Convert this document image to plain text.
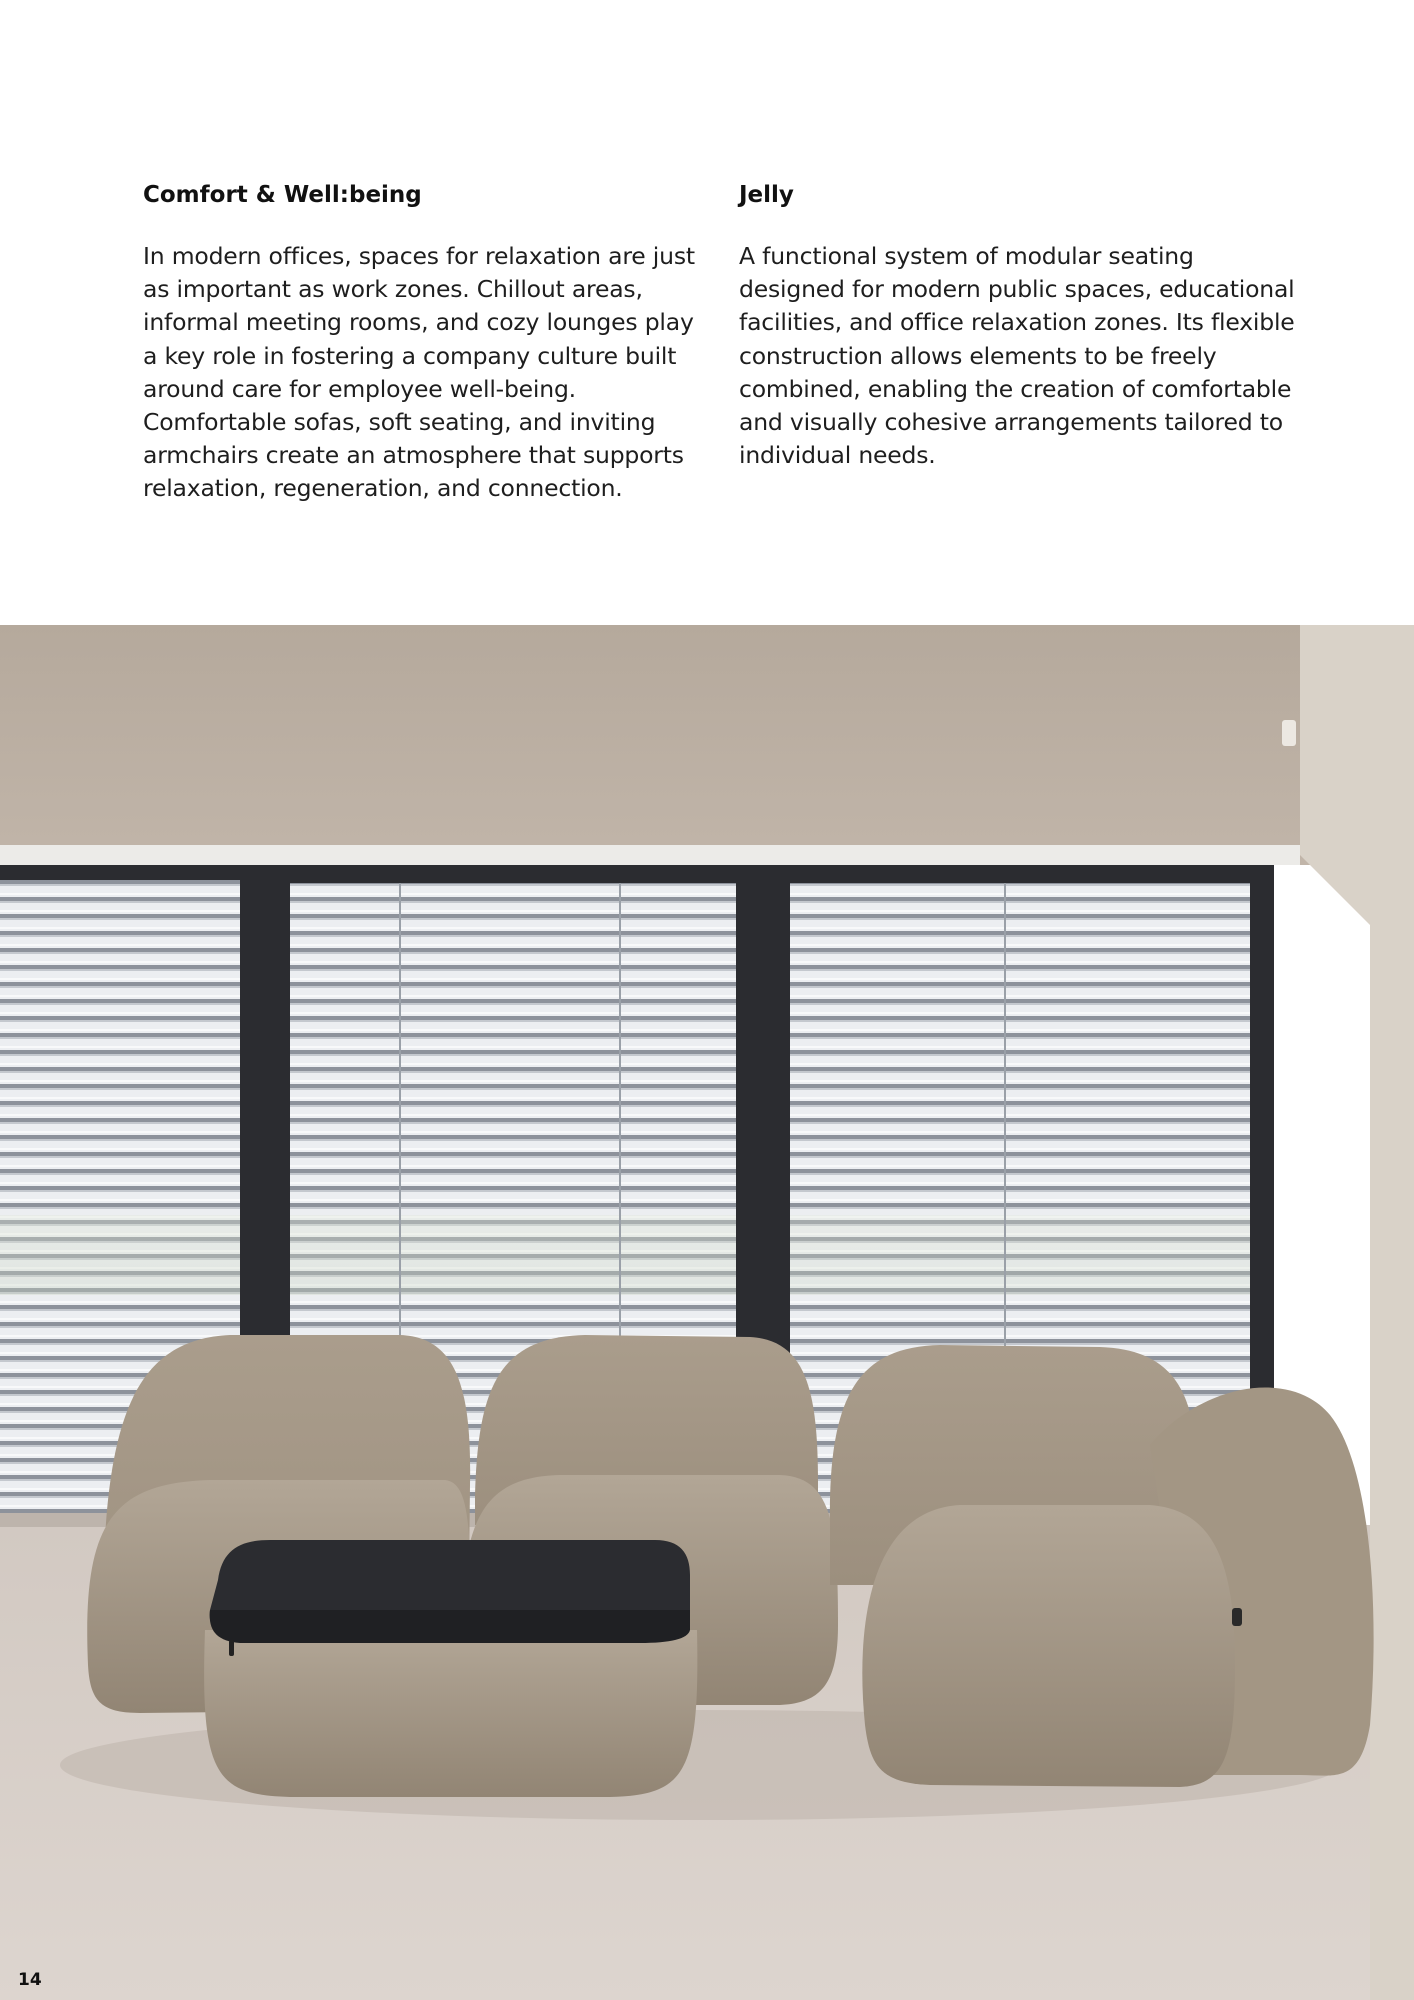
Comfort & Well:being

In modern offices, spaces for relaxation are just as important as work zones. Chillout areas, informal meeting rooms, and cozy lounges play a key role in fostering a company culture built around care for employee well-being. Comfortable sofas, soft seating, and inviting armchairs create an atmosphere that supports relaxation, regeneration, and connection.

Jelly

A functional system of modular seating designed for modern public spaces, educational facilities, and office relaxation zones. Its flexible construction allows elements to be freely combined, enabling the creation of comfortable and visually cohesive arrangements tailored to individual needs.

14
